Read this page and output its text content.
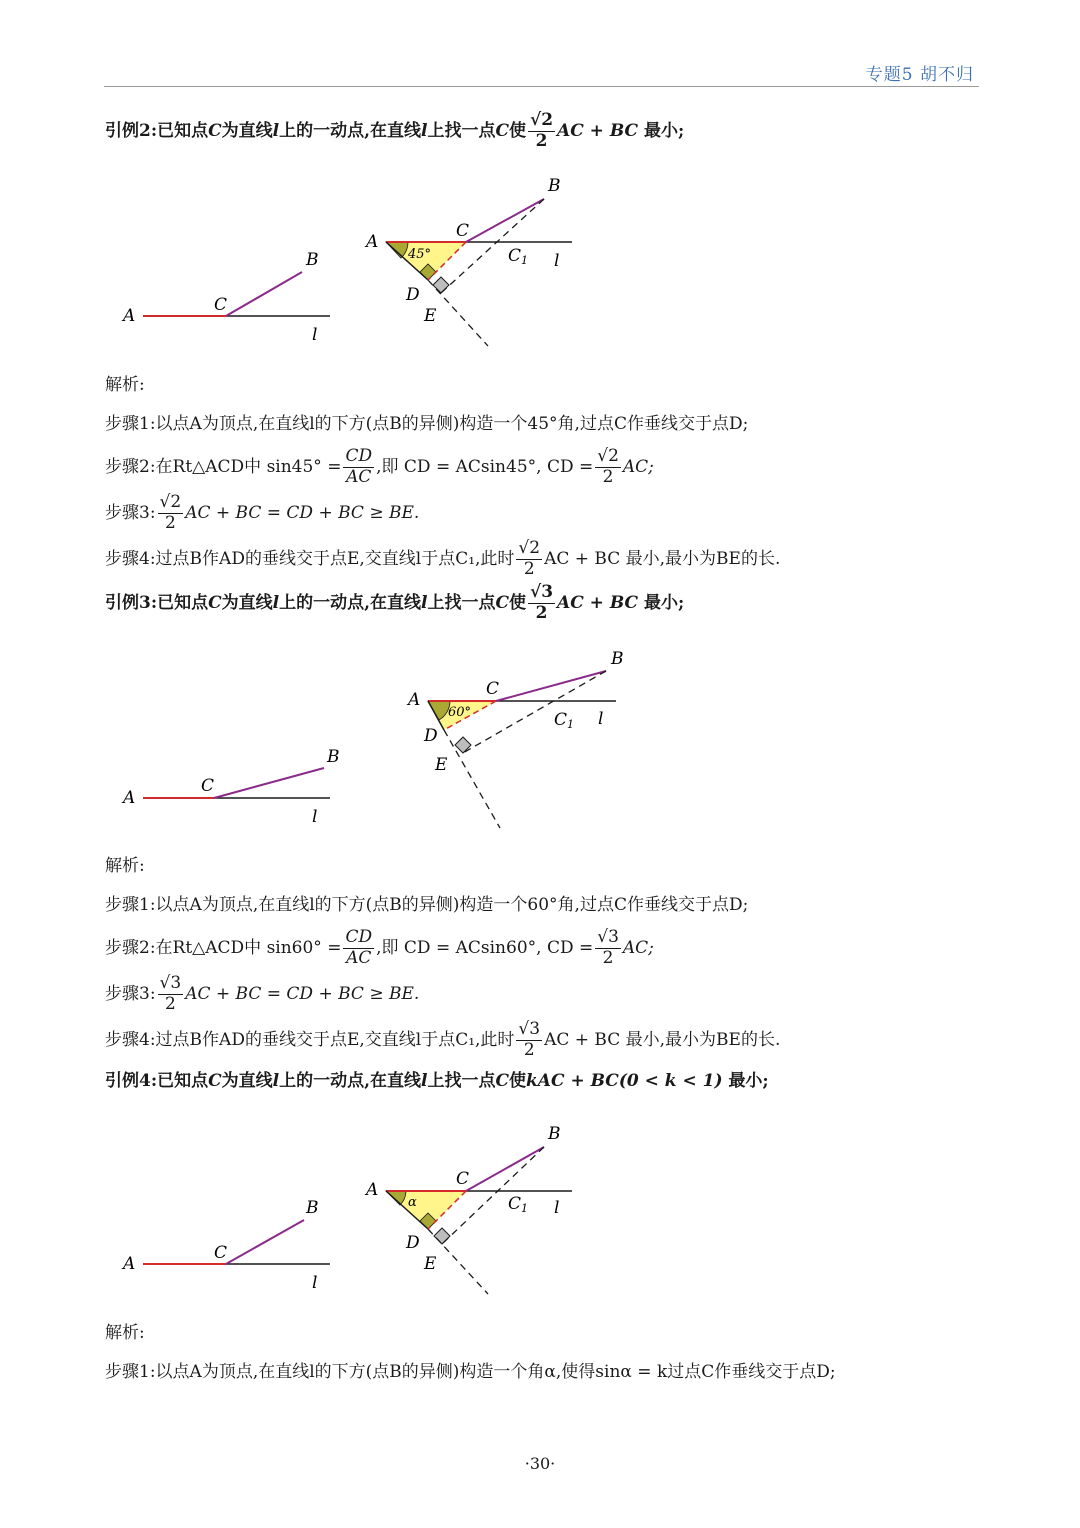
专题5 胡不归
引例2:已知点C为直线l上的一动点,在直线l上找一点C使 $\frac{√2}{2}$ AC + BC 最小;
A
C
B
l
A
C
B
C1 l
D
E
45°
A
C
B
l
A
C
B
C1 l
D
E
60°
A
C
B
l
A
C
B
C1 l
D
E
α
解析:
步骤1:以点A为顶点,在直线l的下方(点B的异侧)构造一个45°角,过点C作垂线交于点D;
步骤2:在Rt△ACD中 $\sin 45^\circ = \frac{CD}{AC}$ ,即 CD = ACsin45°, CD = $\frac{√2}{2}$ AC;
步骤3: $\frac{√2}{2}$ AC + BC = CD + BC ≥ BE.
步骤4:过点B作AD的垂线交于点E,交直线l于点C₁,此时 $\frac{√2}{2}$ AC + BC 最小,最小为BE的长.
引例3:已知点C为直线l上的一动点,在直线l上找一点C使 $\frac{√3}{2}$ AC + BC 最小;
解析:
步骤1:以点A为顶点,在直线l的下方(点B的异侧)构造一个60°角,过点C作垂线交于点D;
步骤2:在Rt△ACD中 $\sin 60^\circ = \frac{CD}{AC}$ ,即 CD = ACsin60°, CD = $\frac{√3}{2}$ AC;
步骤3: $\frac{√3}{2}$ AC + BC = CD + BC ≥ BE.
步骤4:过点B作AD的垂线交于点E,交直线l于点C₁,此时 $\frac{√3}{2}$ AC + BC 最小,最小为BE的长.
引例4:已知点C为直线l上的一动点,在直线l上找一点C使kAC + BC(0 < k < 1) 最小;
解析:
步骤1:以点A为顶点,在直线l的下方(点B的异侧)构造一个角α,使得sinα = k过点C作垂线交于点D;
·30·
